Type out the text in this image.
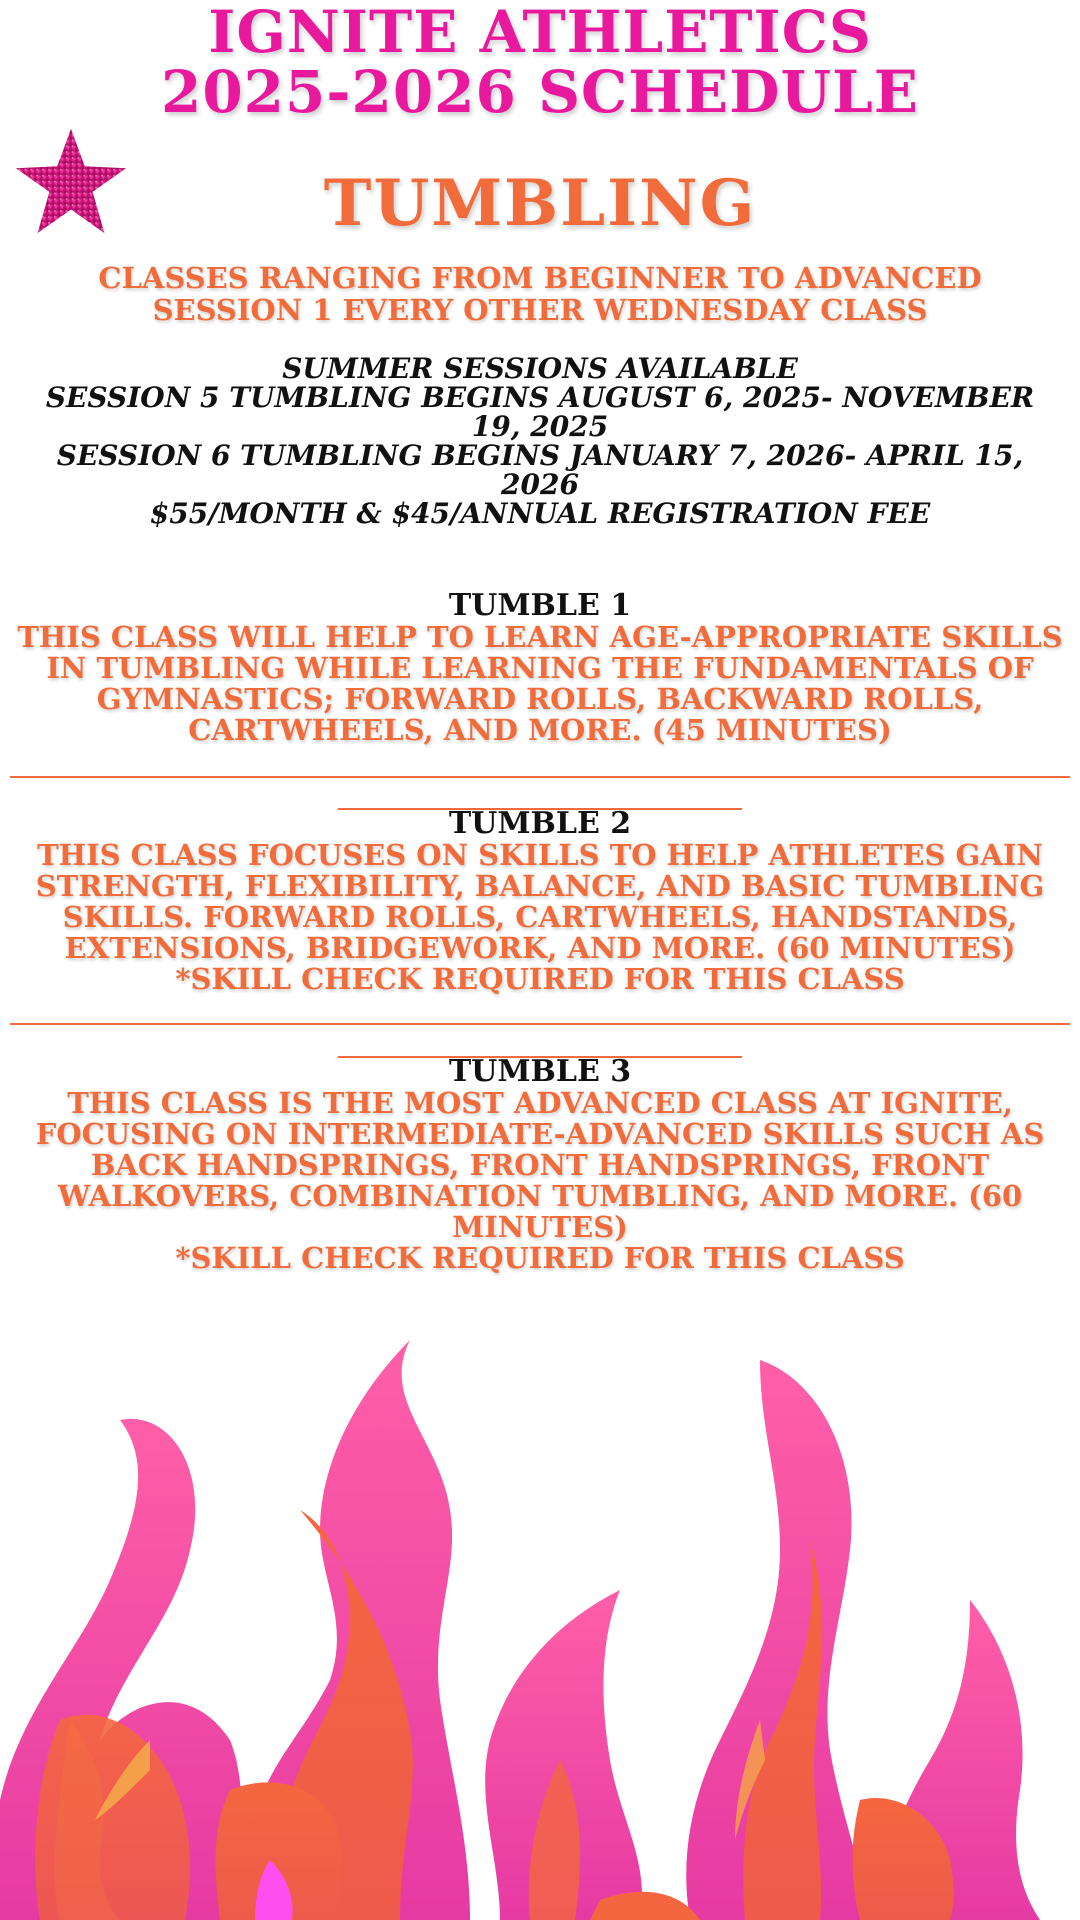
IGNITE ATHLETICS
2025-2026 SCHEDULE
TUMBLING
CLASSES RANGING FROM BEGINNER TO ADVANCED
SESSION 1 EVERY OTHER WEDNESDAY CLASS
SUMMER SESSIONS AVAILABLE
SESSION 5 TUMBLING BEGINS AUGUST 6, 2025- NOVEMBER 19, 2025
SESSION 6 TUMBLING BEGINS JANUARY 7, 2026- APRIL 15, 2026
$55/MONTH & $45/ANNUAL REGISTRATION FEE
TUMBLE 1
THIS CLASS WILL HELP TO LEARN AGE-APPROPRIATE SKILLS IN TUMBLING WHILE LEARNING THE FUNDAMENTALS OF GYMNASTICS; FORWARD ROLLS, BACKWARD ROLLS, CARTWHEELS, AND MORE. (45 MINUTES)
TUMBLE 2
THIS CLASS FOCUSES ON SKILLS TO HELP ATHLETES GAIN STRENGTH, FLEXIBILITY, BALANCE, AND BASIC TUMBLING SKILLS. FORWARD ROLLS, CARTWHEELS, HANDSTANDS, EXTENSIONS, BRIDGEWORK, AND MORE. (60 MINUTES)
*SKILL CHECK REQUIRED FOR THIS CLASS
TUMBLE 3
THIS CLASS IS THE MOST ADVANCED CLASS AT IGNITE, FOCUSING ON INTERMEDIATE-ADVANCED SKILLS SUCH AS BACK HANDSPRINGS, FRONT HANDSPRINGS, FRONT WALKOVERS, COMBINATION TUMBLING, AND MORE. (60 MINUTES)
*SKILL CHECK REQUIRED FOR THIS CLASS
